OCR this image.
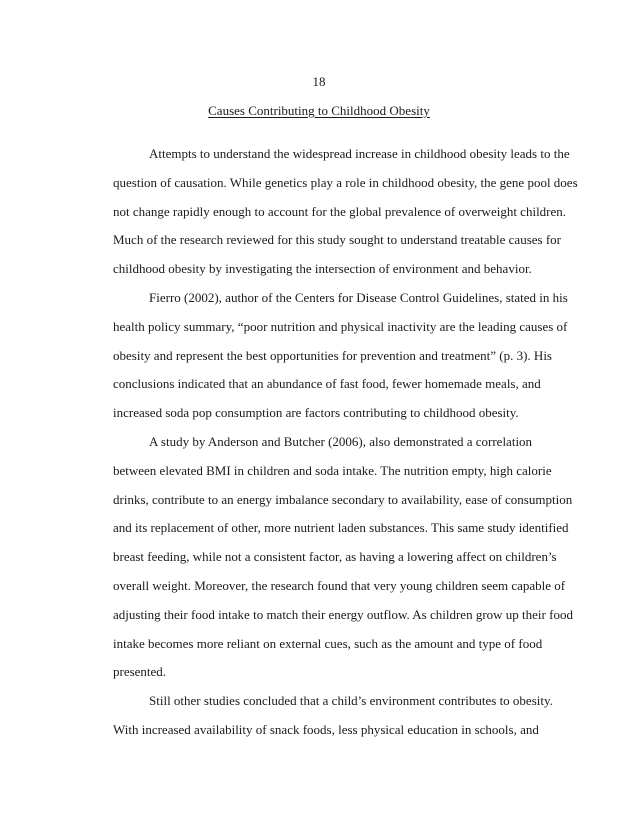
18
Causes Contributing to Childhood Obesity
Attempts to understand the widespread increase in childhood obesity leads to the
question of causation. While genetics play a role in childhood obesity, the gene pool does
not change rapidly enough to account for the global prevalence of overweight children.
Much of the research reviewed for this study sought to understand treatable causes for
childhood obesity by investigating the intersection of environment and behavior.
Fierro (2002), author of the Centers for Disease Control Guidelines, stated in his
health policy summary, “poor nutrition and physical inactivity are the leading causes of
obesity and represent the best opportunities for prevention and treatment” (p. 3). His
conclusions indicated that an abundance of fast food, fewer homemade meals, and
increased soda pop consumption are factors contributing to childhood obesity.
A study by Anderson and Butcher (2006), also demonstrated a correlation
between elevated BMI in children and soda intake. The nutrition empty, high calorie
drinks, contribute to an energy imbalance secondary to availability, ease of consumption
and its replacement of other, more nutrient laden substances. This same study identified
breast feeding, while not a consistent factor, as having a lowering affect on children’s
overall weight. Moreover, the research found that very young children seem capable of
adjusting their food intake to match their energy outflow. As children grow up their food
intake becomes more reliant on external cues, such as the amount and type of food
presented.
Still other studies concluded that a child’s environment contributes to obesity.
With increased availability of snack foods, less physical education in schools, and
